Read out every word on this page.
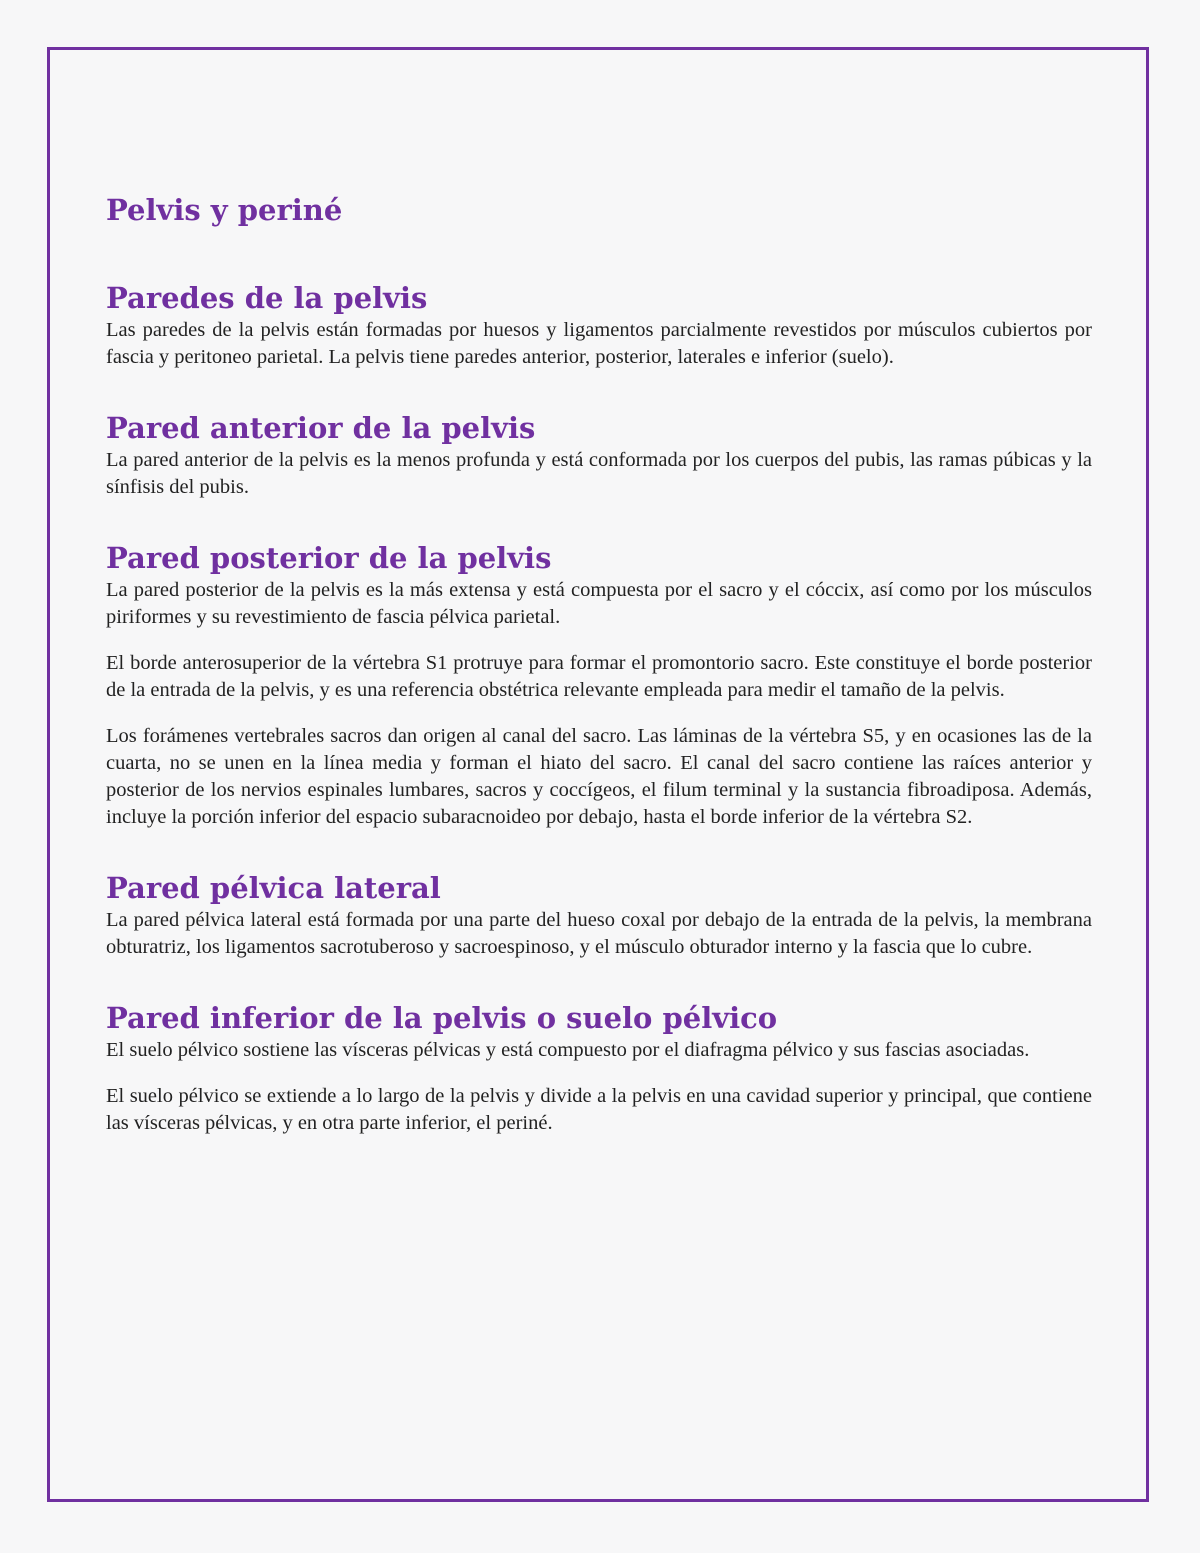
Pelvis y periné
Paredes de la pelvis

Las paredes de la pelvis están formadas por huesos y ligamentos parcialmente revestidos por músculos cubiertos por fascia y peritoneo parietal. La pelvis tiene paredes anterior, posterior, laterales e inferior (suelo).

Pared anterior de la pelvis

La pared anterior de la pelvis es la menos profunda y está conformada por los cuerpos del pubis, las ramas púbicas y la sínfisis del pubis.

Pared posterior de la pelvis

La pared posterior de la pelvis es la más extensa y está compuesta por el sacro y el cóccix, así como por los músculos piriformes y su revestimiento de fascia pélvica parietal.

El borde anterosuperior de la vértebra S1 protruye para formar el promontorio sacro. Este constituye el borde posterior de la entrada de la pelvis, y es una referencia obstétrica relevante empleada para medir el tamaño de la pelvis.

Los forámenes vertebrales sacros dan origen al canal del sacro. Las láminas de la vértebra S5, y en ocasiones las de la cuarta, no se unen en la línea media y forman el hiato del sacro. El canal del sacro contiene las raíces anterior y posterior de los nervios espinales lumbares, sacros y coccígeos, el filum terminal y la sustancia fibroadiposa. Además, incluye la porción inferior del espacio subaracnoideo por debajo, hasta el borde inferior de la vértebra S2.

Pared pélvica lateral

La pared pélvica lateral está formada por una parte del hueso coxal por debajo de la entrada de la pelvis, la membrana obturatriz, los ligamentos sacrotuberoso y sacroespinoso, y el músculo obturador interno y la fascia que lo cubre.

Pared inferior de la pelvis o suelo pélvico

El suelo pélvico sostiene las vísceras pélvicas y está compuesto por el diafragma pélvico y sus fascias asociadas.

El suelo pélvico se extiende a lo largo de la pelvis y divide a la pelvis en una cavidad superior y principal, que contiene las vísceras pélvicas, y en otra parte inferior, el periné.
